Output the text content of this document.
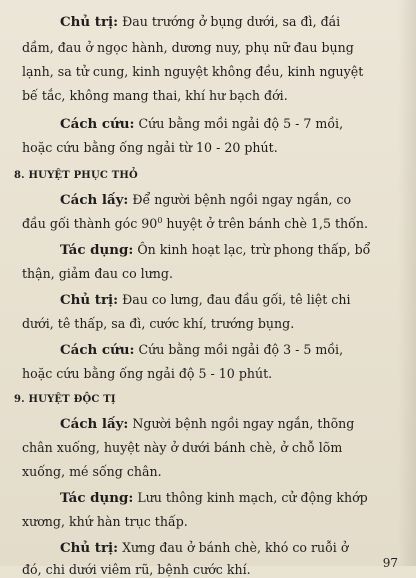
Chủ trị: Đau trướng ở bụng dưới, sa đì, đái
dầm, đau ở ngọc hành, dương nuy, phụ nữ đau bụng
lạnh, sa tử cung, kinh nguyệt không đều, kinh nguyệt
bế tắc, không mang thai, khí hư bạch đới.
Cách cứu: Cứu bằng mồi ngải độ 5 - 7 mồi,
hoặc cứu bằng ống ngải từ 10 - 20 phút.
8. HUYỆT PHỤC THỎ
Cách lấy: Để người bệnh ngồi ngay ngắn, co
đầu gối thành góc $90^0$ huyệt ở trên bánh chè 1,5 thốn.
Tác dụng: Ôn kinh hoạt lạc, trừ phong thấp, bổ
thận, giảm đau co lưng.
Chủ trị: Đau co lưng, đau đầu gối, tê liệt chi
dưới, tê thấp, sa đì, cước khí, trướng bụng.
Cách cứu: Cứu bằng mồi ngải độ 3 - 5 mồi,
hoặc cứu bằng ống ngải độ 5 - 10 phút.
9. HUYỆT ĐỘC TỊ
Cách lấy: Người bệnh ngồi ngay ngắn, thõng
chân xuống, huyệt này ở dưới bánh chè, ở chỗ lõm
xuống, mé sống chân.
Tác dụng: Lưu thông kinh mạch, cử động khớp
xương, khứ hàn trục thấp.
Chủ trị: Xưng đau ở bánh chè, khó co ruỗi ở
đó, chi dưới viêm rũ, bệnh cước khí.	97
